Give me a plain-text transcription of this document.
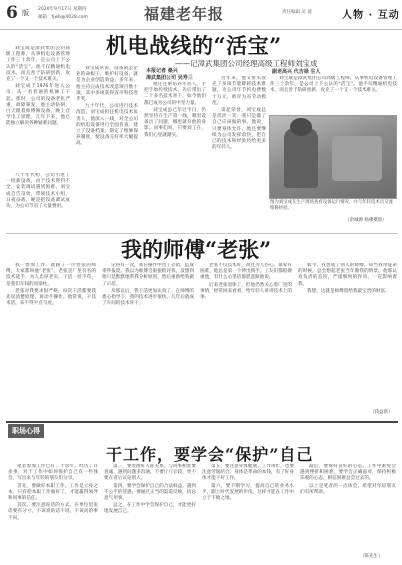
6 版 2020年9月17日 星期四
邮箱：fjwb@4028.com	福建老年报	责任编辑 吴 波	人物 · 互动

刘宝成是漳武集团公司高级工程师，从事机电设备管理工作三十余年，是公司上下公认的“活宝”。他不仅精通机电技术，而且善于钻研创新，攻克了一个又一个技术难关。

刘宝成于1976年进入公司，从一名普通的机修工干起。那时，公司的设备老化严重，故障频发，他主动钻研，白天跟着师傅修设备，晚上自学电工原理，几年下来，他已能独立解决各种疑难问题。

八十年代初，公司引进了一批新设备，由于技术资料不全，安装调试遇到困难。刘宝成自告奋勇，带领技术小组，日夜奋战，硬是把设备调试成功，为公司节省了大量费用。

机电战线的“活宝”
——记漳武集团公司经理高级工程师刘宝成

刘宝成常说，设备就是企业的命根子，维护好设备，就是为企业创造效益。多年来，他主持完成技术改造项目数十项，其中多项获得省市科技进步奖。

九十年代，公司进行技术改造，刘宝成担任机电技术负责人，他深入一线，对全公司的机电设备进行全面普查，建立了设备档案，制定了维修保养制度，使设备完好率大幅提高。

本报记者 桑兴
漳武集团公司 吴寿三

他还注重培养年轻人，手把手地传授技术，先后带出了二十多名技术骨干，如今他们都已成为公司的中坚力量。

刘宝成虽已年过半百，仍然坚持在生产第一线，哪里设备出了问题，哪里就有他的身影。同事们说，只要刘工在，我们心里就踏实。

副老高兴 代吉禄 生人

近年来，他又带头攻克了多项节能降耗技术难题，为公司年节约电费数十万元，被评为省劳动模范。

谈起荣誉，刘宝成总是淡淡一笑：我只是做了自己应该做的事。他说，只要身体允许，他还要继续为公司发挥余热，把自己的技术和经验传给更多的年轻人。

刘宝成是漳武集团公司高级工程师，从事机电设备管理工作三十余年，是公司上下公认的“活宝”。他不仅精通机电技术，而且善于钻研创新，攻克了一个又一个技术难关。

图为刘宝成在生产现场查看设备运行情况，并与年轻技术员交流维修经验。
（余城源 杨佛摄影）
我的师傅“老张”

我一参加工作，就跟了一位姓张的师傅，大家都叫他“老张”。老张是厂里有名的技术能手，为人忠厚老实，干活一丝不苟，是我们车间的顶梁柱。

老张对我要求很严格，每次干活都要我先说清楚原理，再动手操作。他常说，干技术活，来不得半点马虎。

记得有一次，我在操作中出了差错，造成零件报废。我以为师傅会狠狠批评我，没想到他只是默默地帮我分析原因，然后重新给我做了示范。

从那以后，我干活更加认真了。在师傅的悉心指导下，我的技术进步很快，几年后就成了车间的技术骨干。

老张不仅技术好，而且为人热心。谁家有困难，他总是第一个伸出援手。工友们都很敬重他，有什么心里话都愿意跟他说。

后来老张退休了，但他仍然关心着厂里的事情，经常回来看看，给年轻人讲讲技术上的事。

如今，我也成了别人的师傅。每当我带徒弟的时候，总会想起老张当年教我的情景。他那认真负责的态度，严谨细致的作风，一直影响着我。

我想，这就是师傅留给我最宝贵的财富。

（钱益新）
职场心得
干工作，要学会“保护”自己

笔者参加工作已有二十余年，经历了许多事，对于工作中如何保护自己有一些体会，写出来与年轻的朋友们分享。

首先，要做好本职工作。工作是立身之本，只有把本职工作做好了，才能赢得领导和同事的信任。

其次，要注意说话的方式。在单位里说话要有分寸，不该说的话不说，不该问的事不问。

第三，要处理好人际关系。与同事相处要真诚，遇到问题多沟通，不要斤斤计较，更不要在背后议论别人。

第四，要学会保护自己的合法权益。遇到不公平的待遇，要通过正当的渠道反映，切忌意气用事。

总之，在工作中学会保护自己，才能更好地发展自己。

第五，要注意身体健康。工作再忙，也要注意劳逸结合，身体是革命的本钱，有了好身体才能干好工作。

第六，要不断学习，提高自己的业务水平，跟上时代发展的步伐，这样才能在工作中立于不败之地。

最后，要保持良好的心态。工作中难免会遇到挫折和困难，要学会正确面对，保持积极乐观的心态，相信困难总会过去的。

以上是笔者的一点体会，希望对年轻朋友们有所帮助。

（陈先生）
